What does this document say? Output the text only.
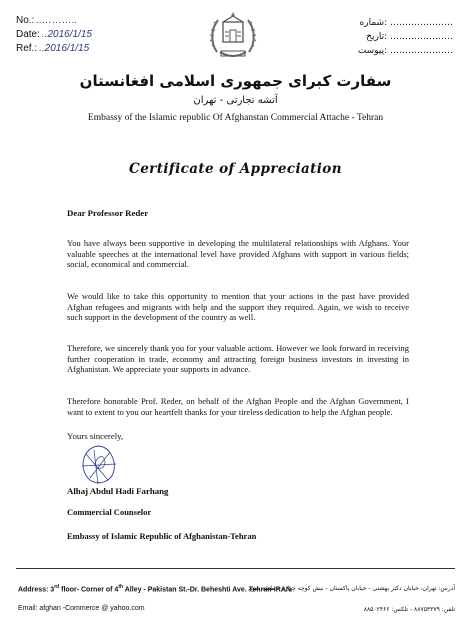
No.: ..………..
Date: ..2016/1/15
Ref.: ..2016/1/15
شماره: …………………
تاریخ: …………………
پیوست: …………………
سفارت کبرای جمهوری اسلامی افغانستان
آتشه تجارتی - تهران
Embassy of the Islamic republic Of Afghanstan Commercial Attache - Tehran
Certificate of Appreciation
Dear Professor Reder
You have always been supportive in developing the multilateral relationships with Afghans. Your valuable speeches at the international level have provided Afghans with support in various fields; social, economical and commercial.
We would like to take this opportunity to mention that your actions in the past have provided Afghan refugees and migrants with help and the support they required. Again, we wish to receive such support in the development of the country as well.
Therefore, we sincerely thank you for your valuable actions. However we look forward in receiving further cooperation in trade, economy and attracting foreign business investors in investing in Afghanistan. We appreciate your supports in advance.
Therefore honorable Prof. Reder, on behalf of the Afghan People and the Afghan Government, I want to extent to you our heartfelt thanks for your tireless dedication to help the Afghan people.
Yours sincerely,
Alhaj Abdul Hadi Farhang
Commercial Counselor
Embassy of Islamic Republic of Afghanistan-Tehran
Address: 3rd floor- Corner of 4th Alley - Pakistan St.-Dr. Beheshti Ave. Tehran-IRAN
آدرس: تهران، خیابان دکتر بهشتی - خیابان پاکستان - نبش کوچه چهارم - طبقه سوم
Email: afghan -Commerce @ yahoo.com	تلفن: ۸۸۷۵۳۳۷۹ - تلکس: ۸۸۵۰۲۴۶۶
